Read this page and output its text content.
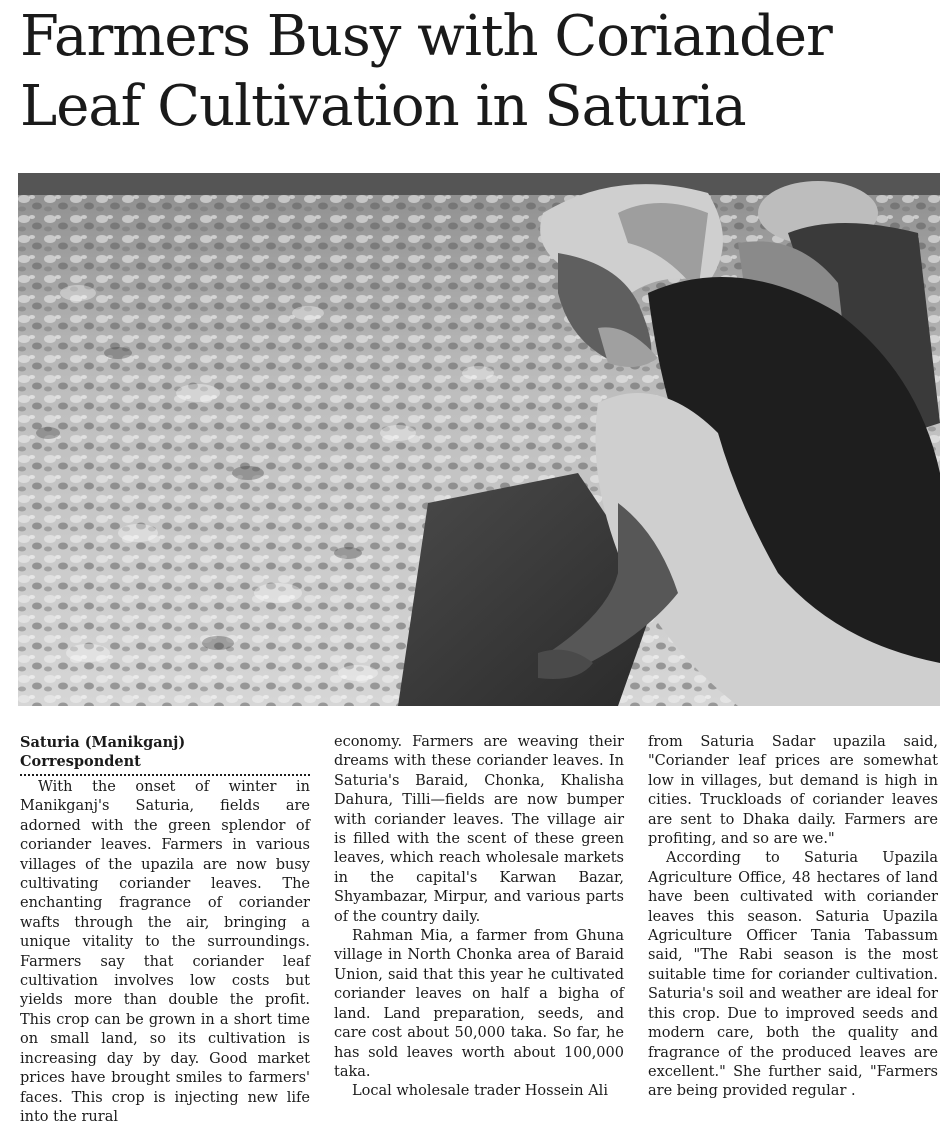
Farmers Busy with Coriander Leaf Cultivation in Saturia
Saturia (Manikganj) Correspondent

With the onset of winter in Manikganj's Saturia, fields are adorned with the green splendor of coriander leaves. Farmers in various villages of the upazila are now busy cultivating coriander leaves. The enchanting fragrance of coriander wafts through the air, bringing a unique vitality to the surroundings. Farmers say that coriander leaf cultivation involves low costs but yields more than double the profit. This crop can be grown in a short time on small land, so its cultivation is increasing day by day. Good market prices have brought smiles to farmers' faces. This crop is injecting new life into the rural

economy. Farmers are weaving their dreams with these coriander leaves. In Saturia's Baraid, Chonka, Khalisha Dahura, Tilli—fields are now bumper with coriander leaves. The village air is filled with the scent of these green leaves, which reach wholesale markets in the capital's Karwan Bazar, Shyambazar, Mirpur, and various parts of the country daily.

Rahman Mia, a farmer from Ghuna village in North Chonka area of Baraid Union, said that this year he cultivated coriander leaves on half a bigha of land. Land preparation, seeds, and care cost about 50,000 taka. So far, he has sold leaves worth about 100,000 taka.

Local wholesale trader Hossein Ali

from Saturia Sadar upazila said, "Coriander leaf prices are somewhat low in villages, but demand is high in cities. Truckloads of coriander leaves are sent to Dhaka daily. Farmers are profiting, and so are we."

According to Saturia Upazila Agriculture Office, 48 hectares of land have been cultivated with coriander leaves this season. Saturia Upazila Agriculture Officer Tania Tabassum said, "The Rabi season is the most suitable time for coriander cultivation. Saturia's soil and weather are ideal for this crop. Due to improved seeds and modern care, both the quality and fragrance of the produced leaves are excellent." She further said, "Farmers are being provided regular .
